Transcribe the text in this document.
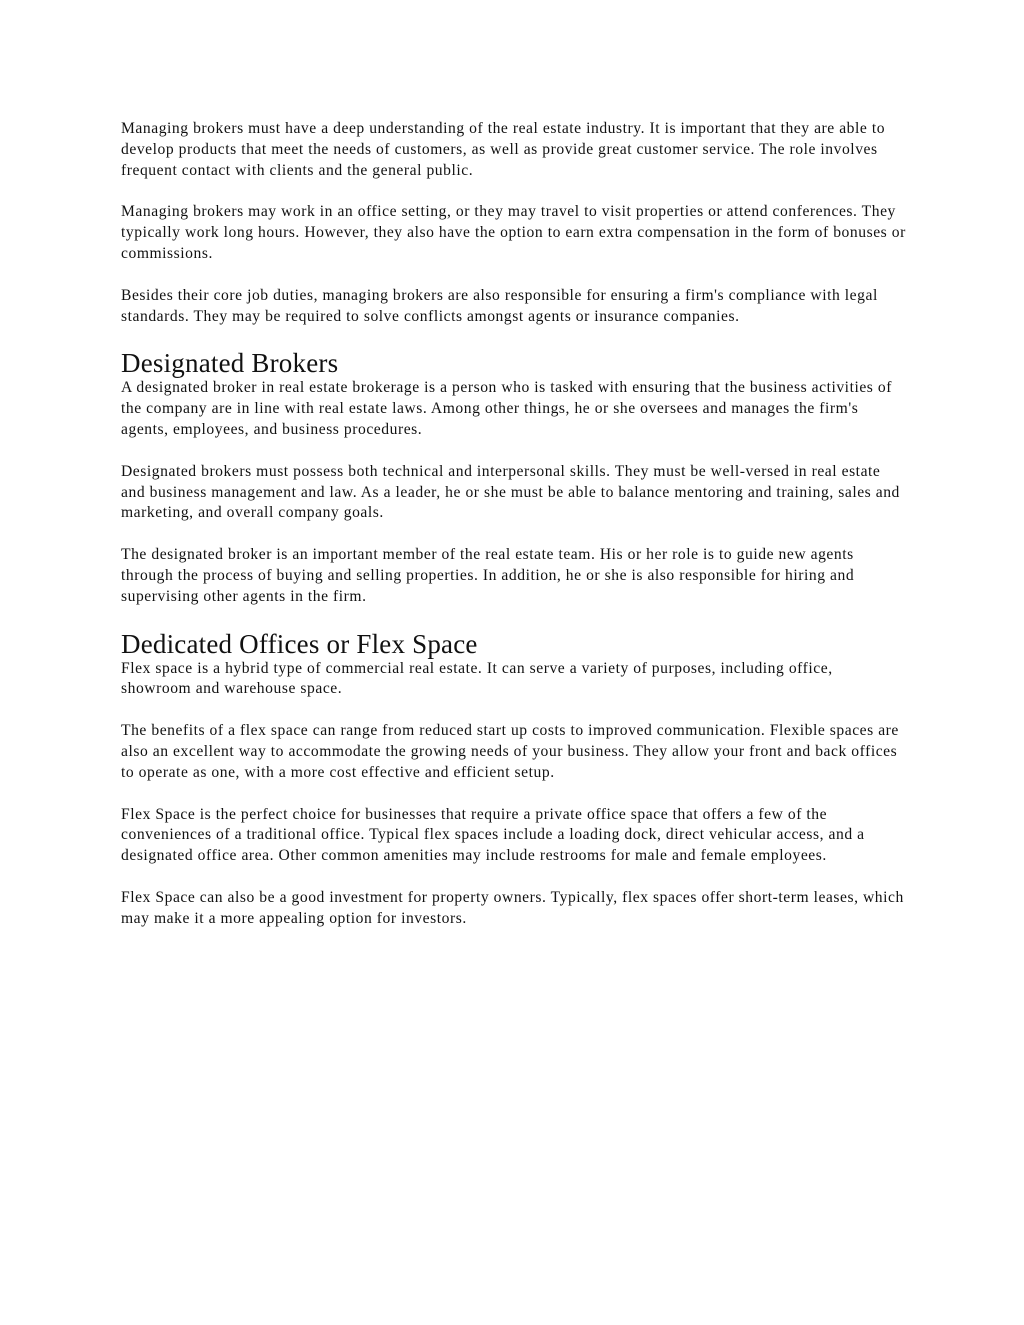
Managing brokers must have a deep understanding of the real estate industry. It is important that they are able to develop products that meet the needs of customers, as well as provide great customer service. The role involves frequent contact with clients and the general public.

Managing brokers may work in an office setting, or they may travel to visit properties or attend conferences. They typically work long hours. However, they also have the option to earn extra compensation in the form of bonuses or commissions.

Besides their core job duties, managing brokers are also responsible for ensuring a firm's compliance with legal standards. They may be required to solve conflicts amongst agents or insurance companies.

Designated Brokers

A designated broker in real estate brokerage is a person who is tasked with ensuring that the business activities of the company are in line with real estate laws. Among other things, he or she oversees and manages the firm's agents, employees, and business procedures.

Designated brokers must possess both technical and interpersonal skills. They must be well-versed in real estate and business management and law. As a leader, he or she must be able to balance mentoring and training, sales and marketing, and overall company goals.

The designated broker is an important member of the real estate team. His or her role is to guide new agents through the process of buying and selling properties. In addition, he or she is also responsible for hiring and supervising other agents in the firm.

Dedicated Offices or Flex Space

Flex space is a hybrid type of commercial real estate. It can serve a variety of purposes, including office, showroom and warehouse space.

The benefits of a flex space can range from reduced start up costs to improved communication. Flexible spaces are also an excellent way to accommodate the growing needs of your business. They allow your front and back offices to operate as one, with a more cost effective and efficient setup.

Flex Space is the perfect choice for businesses that require a private office space that offers a few of the conveniences of a traditional office. Typical flex spaces include a loading dock, direct vehicular access, and a designated office area. Other common amenities may include restrooms for male and female employees.

Flex Space can also be a good investment for property owners. Typically, flex spaces offer short-term leases, which may make it a more appealing option for investors.
